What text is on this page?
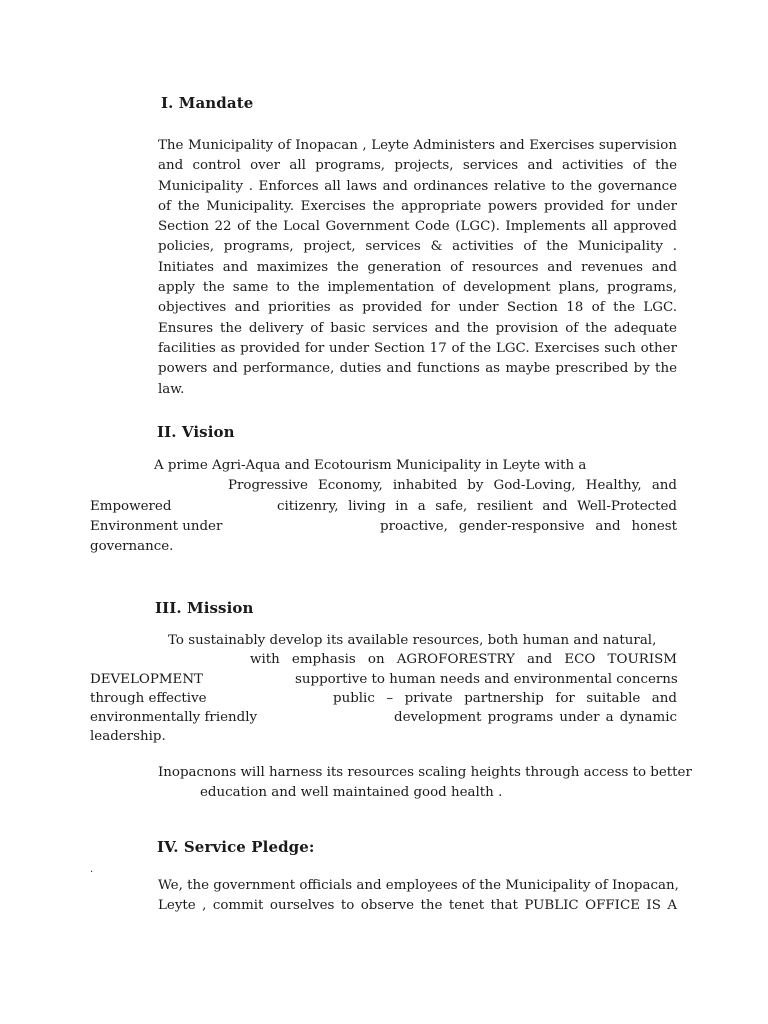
I. Mandate

The Municipality of Inopacan , Leyte Administers and Exercises supervision and control over all programs, projects, services and activities of the Municipality . Enforces all laws and ordinances relative to the governance of the Municipality. Exercises the appropriate powers provided for under Section 22 of the Local Government Code (LGC). Implements all approved policies, programs, project, services & activities of the Municipality . Initiates and maximizes the generation of resources and revenues and apply the same to the implementation of development plans, programs, objectives and priorities as provided for under Section 18 of the LGC. Ensures the delivery of basic services and the provision of the adequate facilities as provided for under Section 17 of the LGC. Exercises such other powers and performance, duties and functions as maybe prescribed by the law.

II. Vision
A prime Agri-Aqua and Ecotourism Municipality in Leyte with a
Progressive Economy, inhabited by God-Loving, Healthy, and
Empowered	citizenry, living in a safe, resilient and Well-Protected
Environment under	proactive, gender-responsive and honest
governance.
III. Mission
To sustainably develop its available resources, both human and natural,
with emphasis on AGROFORESTRY and ECO TOURISM
DEVELOPMENT	supportive to human needs and environmental concerns
through effective	public – private partnership for suitable and
environmentally friendly	development programs under a dynamic
leadership.
Inopacnons will harness its resources scaling heights through access to better
education and well maintained good health .
IV. Service Pledge:
.
We, the government officials and employees of the Municipality of Inopacan,
Leyte , commit ourselves to observe the tenet that PUBLIC OFFICE IS A
